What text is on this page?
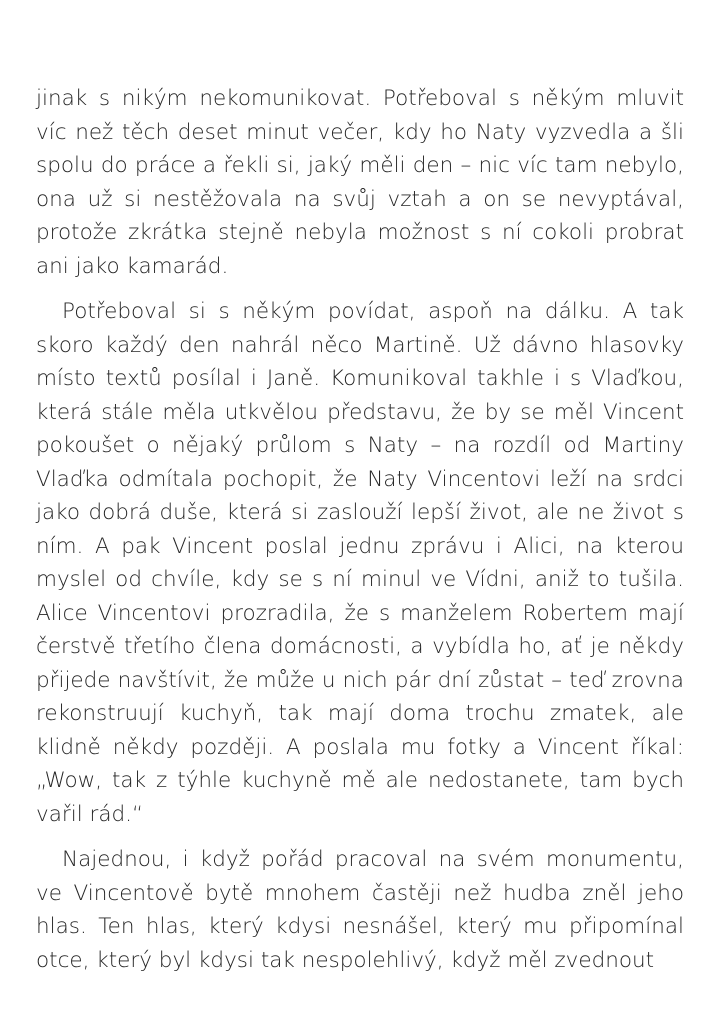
jinak s nikým nekomunikovat. Potřeboval s někým mluvit víc než těch deset minut večer, kdy ho Naty vyzvedla a šli spolu do práce a řekli si, jaký měli den – nic víc tam nebylo, ona už si nestěžovala na svůj vztah a on se nevyptával, protože zkrátka stejně nebyla možnost s ní cokoli probrat ani jako kamarád.

Potřeboval si s někým povídat, aspoň na dálku. A tak skoro každý den nahrál něco Martině. Už dávno hlasovky místo textů posílal i Janě. Komunikoval takhle i s Vlaďkou, která stále měla utkvělou představu, že by se měl Vincent pokoušet o nějaký průlom s Naty – na rozdíl od Martiny Vlaďka odmítala pochopit, že Naty Vincentovi leží na srdci jako dobrá duše, která si zaslouží lepší život, ale ne život s ním. A pak Vincent poslal jednu zprávu i Alici, na kterou myslel od chvíle, kdy se s ní minul ve Vídni, aniž to tušila. Alice Vincentovi prozradila, že s manželem Robertem mají čerstvě třetího člena domácnosti, a vybídla ho, ať je někdy přijede navštívit, že může u nich pár dní zůstat – teď zrovna rekonstruují kuchyň, tak mají doma trochu zmatek, ale klidně někdy později. A poslala mu fotky a Vincent říkal: „Wow, tak z týhle kuchyně mě ale nedostanete, tam bych vařil rád.“

Najednou, i když pořád pracoval na svém monumentu, ve Vincentově bytě mnohem častěji než hudba zněl jeho hlas. Ten hlas, který kdysi nesnášel, který mu připomínal otce, který byl kdysi tak nespolehlivý, když měl zvednout
